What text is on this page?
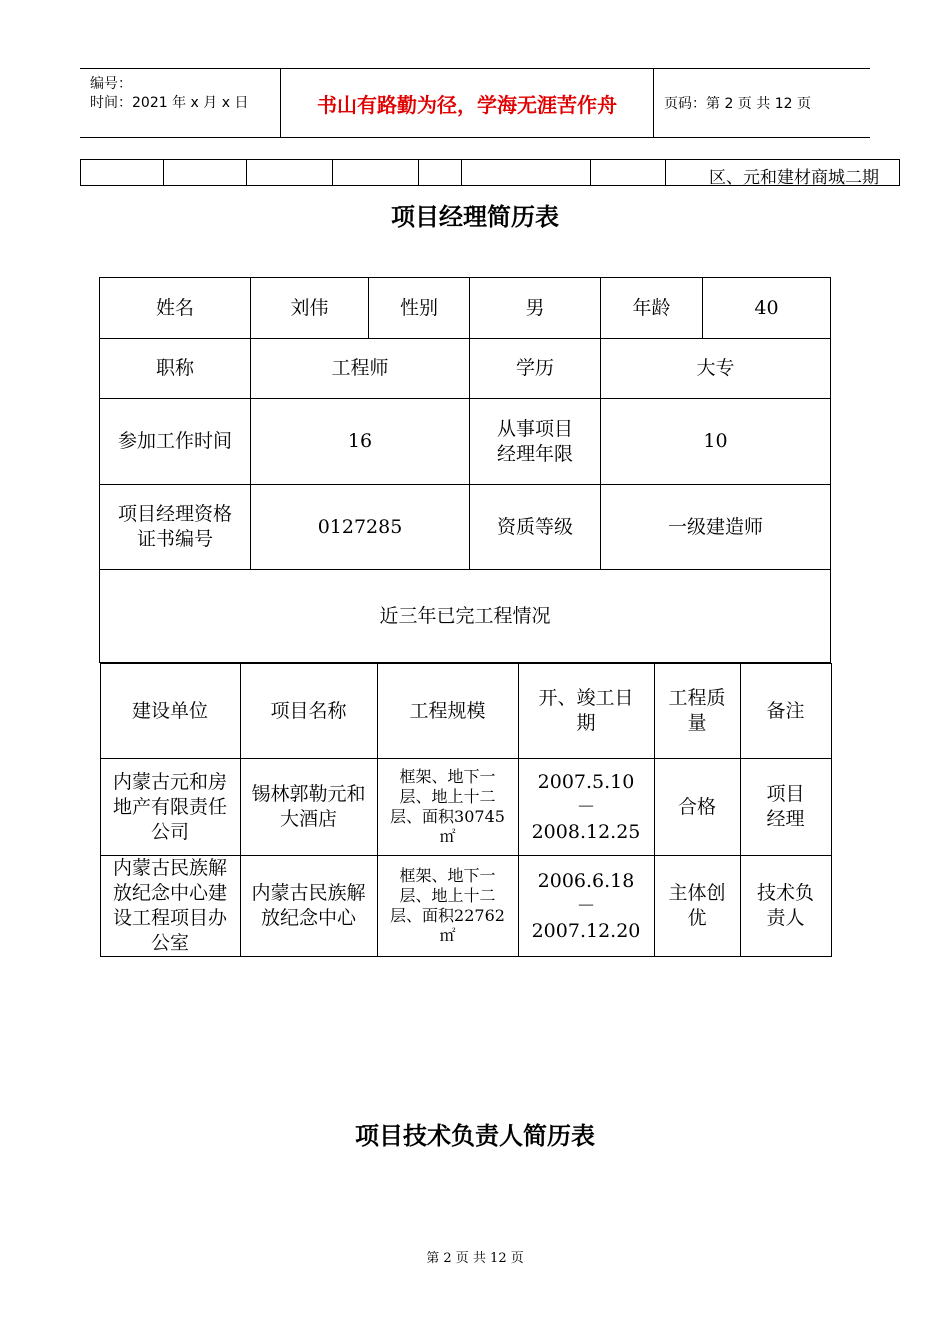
编号：
时间：2021 年 x 月 x 日	书山有路勤为径，学海无涯苦作舟	页码：第 2 页 共 12 页
区、元和建材商城二期
项目经理简历表
姓名	刘伟	性别	男	年龄	40
职称	工程师	学历	大专
参加工作时间	16	从事项目经理年限	10
项目经理资格证书编号	0127285	资质等级	一级建造师
近三年已完工程情况

建设单位	项目名称	工程规模	开、竣工日期	工程质量	备注
内蒙古元和房地产有限责任公司	锡林郭勒元和大酒店	框架、地下一层、地上十二层、面积30745㎡	2007.5.10－2008.12.25	合格	项目经理
内蒙古民族解放纪念中心建设工程项目办公室	内蒙古民族解放纪念中心	框架、地下一层、地上十二层、面积22762㎡	2006.6.18－2007.12.20	主体创优	技术负责人
项目技术负责人简历表
第 2 页 共 12 页
